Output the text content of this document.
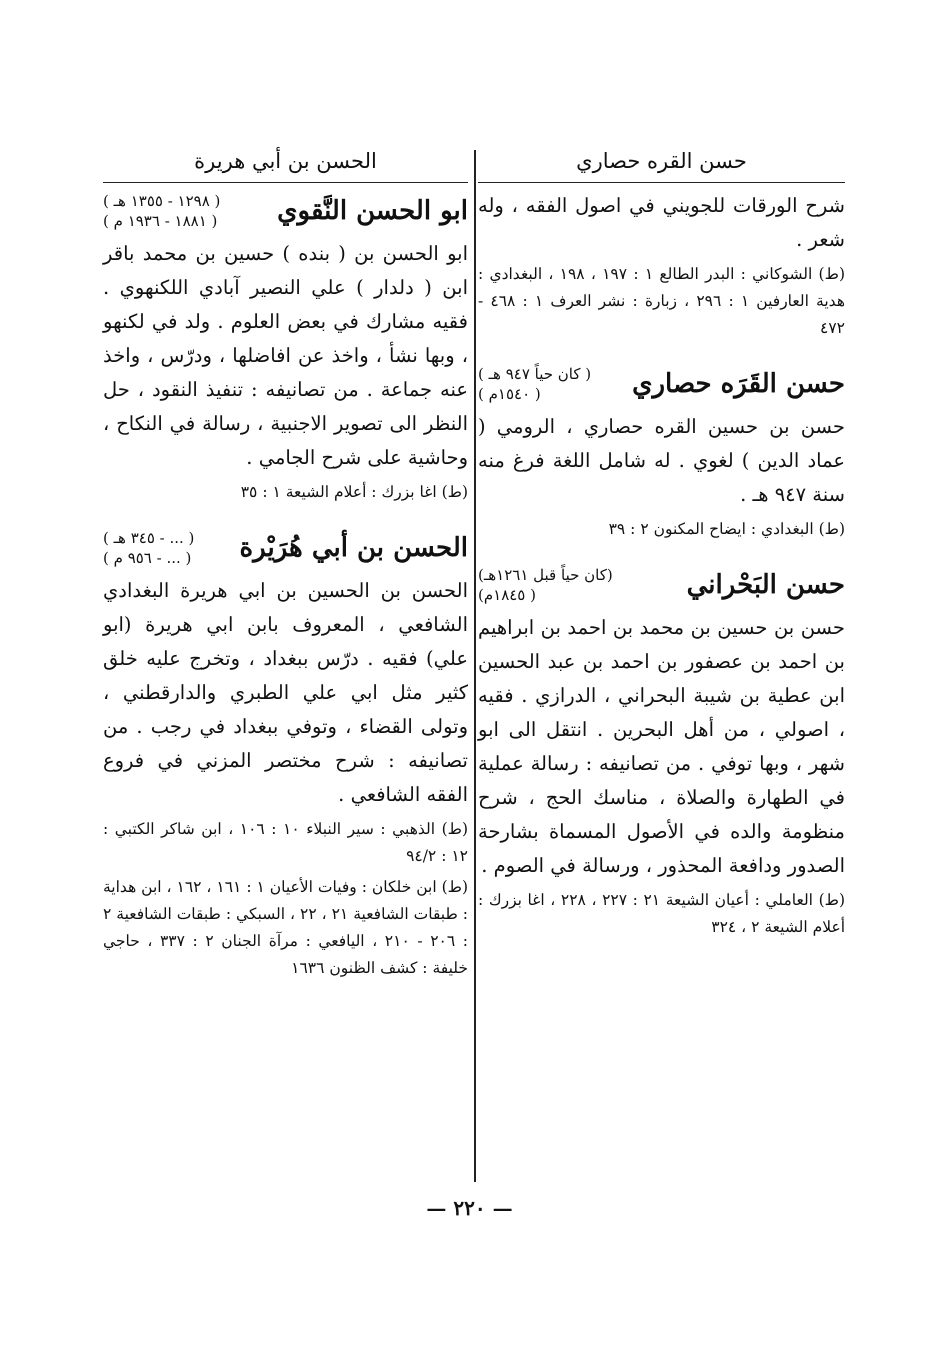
حسن القره حصاري

شرح الورقات للجويني في اصول الفقه ، وله شعر .

(ط) الشوكاني : البدر الطالع ١ : ١٩٧ ، ١٩٨ ، البغدادي : هدية العارفين ١ : ٢٩٦ ، زبارة : نشر العرف ١ : ٤٦٨ - ٤٧٢

حسن القَرَه حصاري
( كان حياً ٩٤٧ هـ )
( ١٥٤٠م )

حسن بن حسين القره حصاري ، الرومي ( عماد الدين ) لغوي . له شامل اللغة فرغ منه سنة ٩٤٧ هـ .

(ط) البغدادي : ايضاح المكنون ٢ : ٣٩

حسن البَحْراني
(كان حياً قبل ١٢٦١هـ)
( ١٨٤٥م)

حسن بن حسين بن محمد بن احمد بن ابراهيم بن احمد بن عصفور بن احمد بن عبد الحسين ابن عطية بن شيبة البحراني ، الدرازي . فقيه ، اصولي ، من أهل البحرين . انتقل الى ابو شهر ، وبها توفي . من تصانيفه : رسالة عملية في الطهارة والصلاة ، مناسك الحج ، شرح منظومة والده في الأصول المسماة بشارحة الصدور ودافعة المحذور ، ورسالة في الصوم .

(ط) العاملي : أعيان الشيعة ٢١ : ٢٢٧ ، ٢٢٨ ، اغا بزرك : أعلام الشيعة ٢ ، ٣٢٤

الحسن بن أبي هريرة
ابو الحسن النَّقوي
( ١٢٩٨ - ١٣٥٥ هـ )
( ١٨٨١ - ١٩٣٦ م )

ابو الحسن بن ( بنده ) حسين بن محمد باقر ابن ( دلدار ) علي النصير آبادي اللكنهوي . فقيه مشارك في بعض العلوم . ولد في لكنهو ، وبها نشأ ، واخذ عن افاضلها ، ودرّس ، واخذ عنه جماعة . من تصانيفه : تنفيذ النقود ، حل النظر الى تصوير الاجنبية ، رسالة في النكاح ، وحاشية على شرح الجامي .

(ط) اغا بزرك : أعلام الشيعة ١ : ٣٥

الحسن بن أبي هُرَيْرة
( ... - ٣٤٥ هـ )
( ... - ٩٥٦ م )

الحسن بن الحسين بن ابي هريرة البغدادي الشافعي ، المعروف بابن ابي هريرة (ابو علي) فقيه . درّس ببغداد ، وتخرج عليه خلق كثير مثل ابي علي الطبري والدارقطني ، وتولى القضاء ، وتوفي ببغداد في رجب . من تصانيفه : شرح مختصر المزني في فروع الفقه الشافعي .

(ط) الذهبي : سير النبلاء ١٠ : ١٠٦ ، ابن شاكر الكتبي : ١٢ : ٩٤/٢

(ط) ابن خلكان : وفيات الأعيان ١ : ١٦١ ، ١٦٢ ، ابن هداية : طبقات الشافعية ٢١ ، ٢٢ ، السبكي : طبقات الشافعية ٢ : ٢٠٦ - ٢١٠ ، اليافعي : مرآة الجنان ٢ : ٣٣٧ ، حاجي خليفة : كشف الظنون ١٦٣٦

— ٢٢٠ —
